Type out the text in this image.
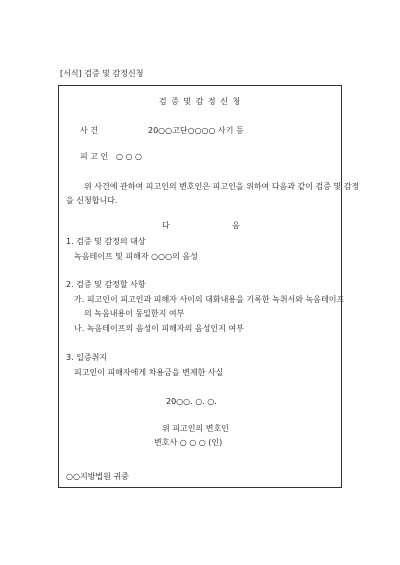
[서식] 검증 및 감정신청
검 증 및 감 정 신 청
사 건	20○○고단○○○○ 사기 등
피 고 인 ○ ○ ○
위 사건에 관하여 피고인의 변호인은 피고인을 위하여 다음과 같이 검증 및 감정
을 신청합니다.
다	음
1. 검증 및 감정의 대상
녹음테이프 및 피해자 ○○○의 음성
2. 검증 및 감정할 사항
가. 피고인이 피고인과 피해자 사이의 대화내용을 기록한 녹취서와 녹음테이프
의 녹음내용이 동일한지 여부
나. 녹음테이프의 음성이 피해자의 음성인지 여부
3. 입증취지
피고인이 피해자에게 차용금을 변제한 사실
20○○. ○. ○.
위 피고인의 변호인
변호사 ○ ○ ○ (인)
○○지방법원 귀중
